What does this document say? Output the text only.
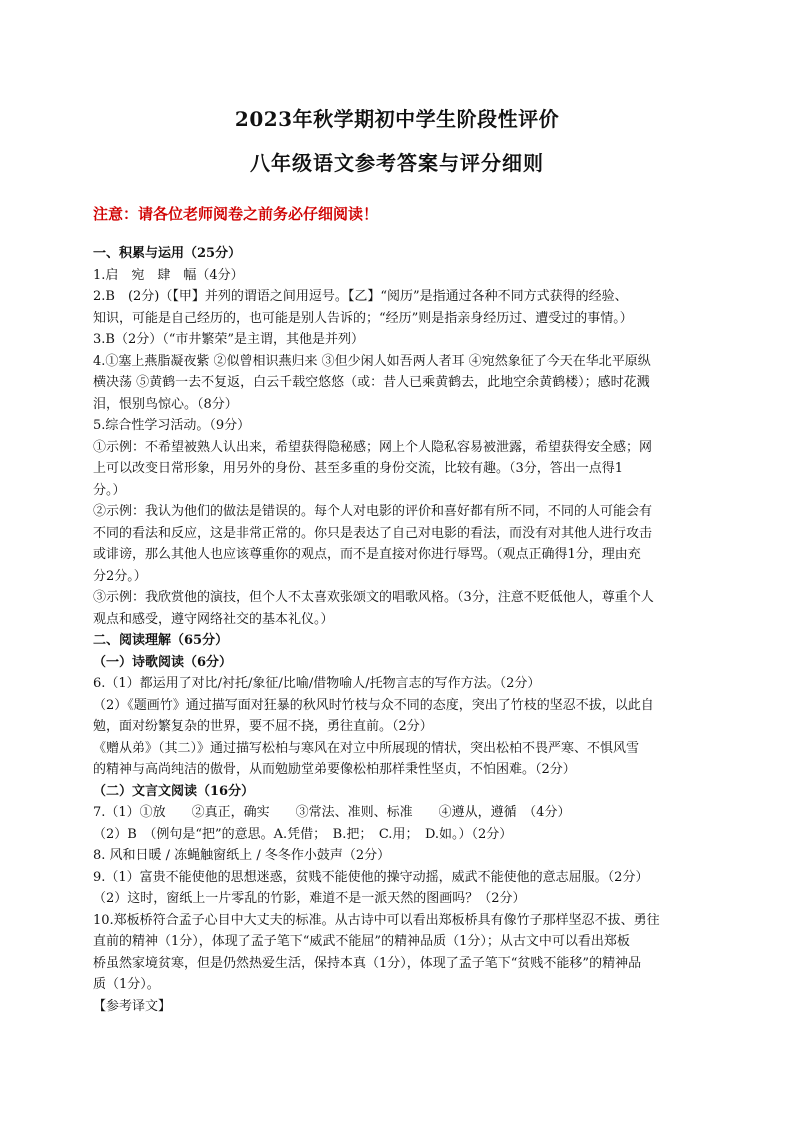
2023年秋学期初中学生阶段性评价
八年级语文参考答案与评分细则
注意：请各位老师阅卷之前务必仔细阅读！
一、积累与运用（25分）
1.启　宛　肆　幅（4分）
2.B　(2分)（【甲】并列的谓语之间用逗号。【乙】“阅历”是指通过各种不同方式获得的经验、
知识，可能是自己经历的，也可能是别人告诉的；“经历”则是指亲身经历过、遭受过的事情。）
3.B（2分）（“市井繁荣”是主谓，其他是并列）
4.①塞上燕脂凝夜紫 ②似曾相识燕归来 ③但少闲人如吾两人者耳 ④宛然象征了今天在华北平原纵
横决荡 ⑤黄鹤一去不复返，白云千载空悠悠（或：昔人已乘黄鹤去，此地空余黄鹤楼）；感时花溅
泪，恨别鸟惊心。（8分）
5.综合性学习活动。（9分）
①示例：不希望被熟人认出来，希望获得隐秘感；网上个人隐私容易被泄露，希望获得安全感；网
上可以改变日常形象，用另外的身份、甚至多重的身份交流，比较有趣。（3分，答出一点得1
分。）
②示例：我认为他们的做法是错误的。每个人对电影的评价和喜好都有所不同，不同的人可能会有
不同的看法和反应，这是非常正常的。你只是表达了自己对电影的看法，而没有对其他人进行攻击
或诽谤，那么其他人也应该尊重你的观点，而不是直接对你进行辱骂。（观点正确得1分，理由充
分2分。）
③示例：我欣赏他的演技，但个人不太喜欢张颂文的唱歌风格。（3分，注意不贬低他人，尊重个人
观点和感受，遵守网络社交的基本礼仪。）
二、阅读理解（65分）
（一）诗歌阅读（6分）
6.（1）都运用了对比/衬托/象征/比喻/借物喻人/托物言志的写作方法。（2分）
（2）《题画竹》通过描写面对狂暴的秋风时竹枝与众不同的态度，突出了竹枝的坚忍不拔，以此自
勉，面对纷繁复杂的世界，要不屈不挠，勇往直前。（2分）
《赠从弟》（其二）》通过描写松柏与寒风在对立中所展现的情状，突出松柏不畏严寒、不惧风雪
的精神与高尚纯洁的傲骨，从而勉励堂弟要像松柏那样秉性坚贞，不怕困难。（2分）
（二）文言文阅读（16分）
7.（1）①放　　②真正，确实　　③常法、准则、标准　　④遵从，遵循　（4分）
（2）B　（例句是“把”的意思。A.凭借；　B.把；　C.用；　D.如。）（2分）
8. 风和日暖 / 冻蝇触窗纸上 / 冬冬作小鼓声（2分）
9.（1）富贵不能使他的思想迷惑，贫贱不能使他的操守动摇，威武不能使他的意志屈服。（2分）
（2）这时，窗纸上一片零乱的竹影，难道不是一派天然的图画吗？（2分）
10.郑板桥符合孟子心目中大丈夫的标准。从古诗中可以看出郑板桥具有像竹子那样坚忍不拔、勇往
直前的精神（1分），体现了孟子笔下“威武不能屈”的精神品质（1分）；从古文中可以看出郑板
桥虽然家境贫寒，但是仍然热爱生活，保持本真（1分），体现了孟子笔下“贫贱不能移”的精神品
质（1分）。
【参考译文】
